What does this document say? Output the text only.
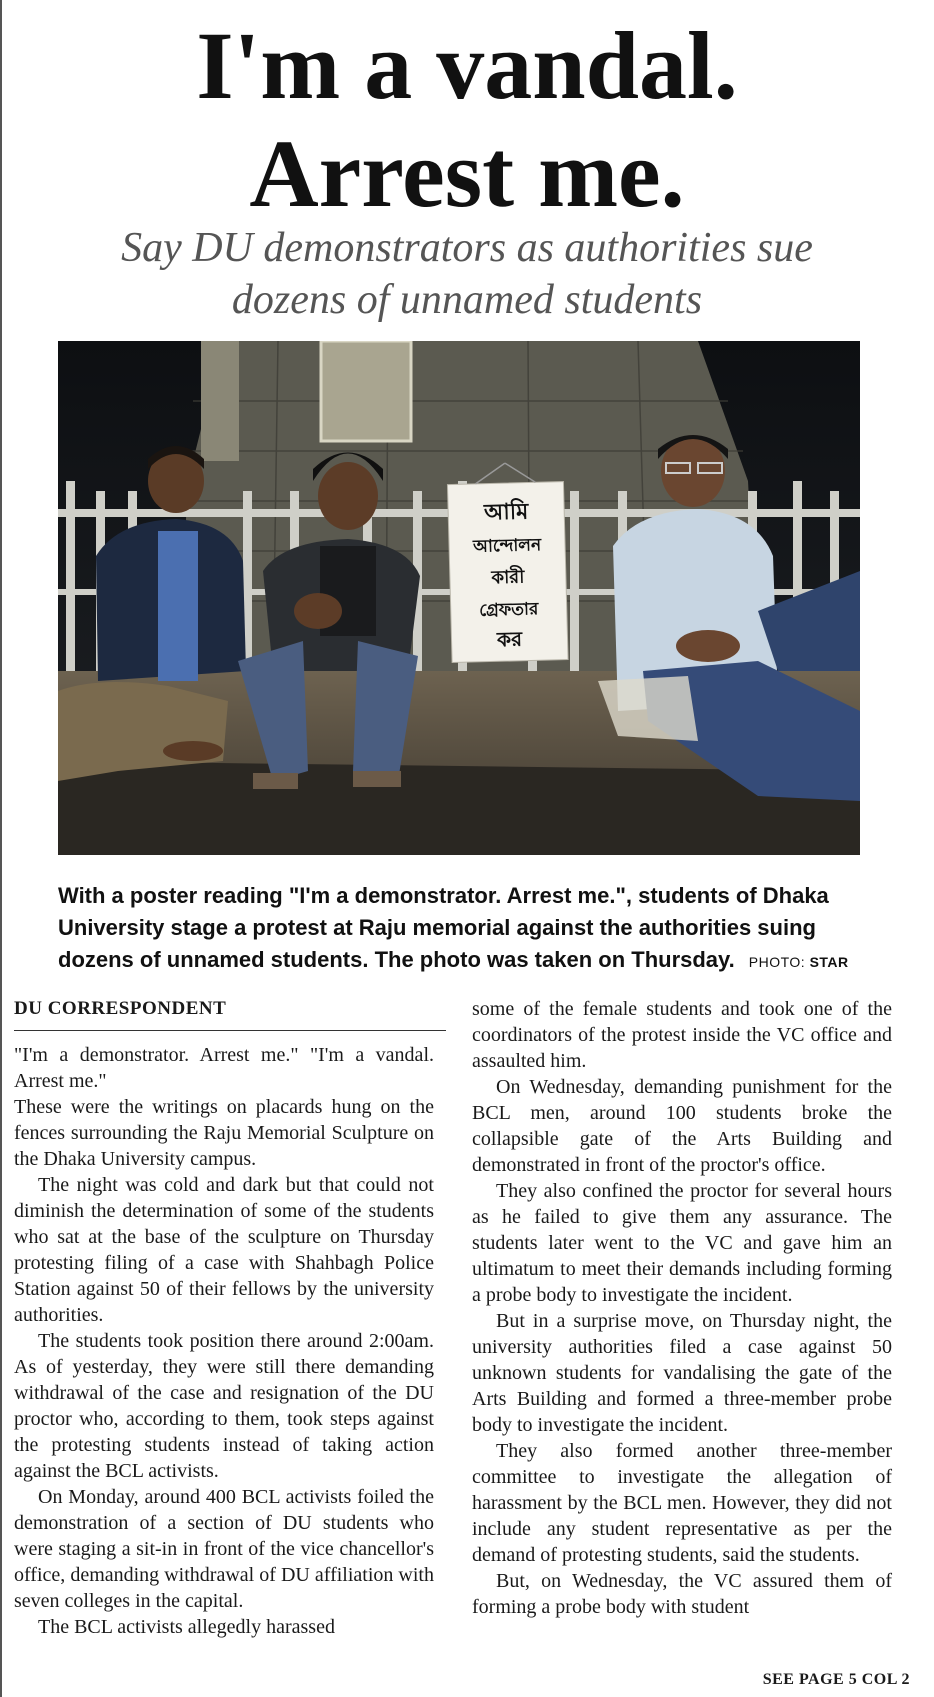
I'm a vandal.
Arrest me.
Say DU demonstrators as authorities sue
dozens of unnamed students
আমি
আন্দোলন
কারী
গ্রেফতার
কর
With a poster reading "I'm a demonstrator. Arrest me.", students of Dhaka University stage a protest at Raju memorial against the authorities suing dozens of unnamed students. The photo was taken on Thursday. PHOTO: STAR
DU CORRESPONDENT

"I'm a demonstrator. Arrest me." "I'm a vandal. Arrest me."

These were the writings on placards hung on the fences surrounding the Raju Memorial Sculpture on the Dhaka University campus.

The night was cold and dark but that could not diminish the determination of some of the students who sat at the base of the sculpture on Thursday protesting filing of a case with Shahbagh Police Station against 50 of their fellows by the university authorities.

The students took position there around 2:00am. As of yesterday, they were still there demanding withdrawal of the case and resignation of the DU proctor who, according to them, took steps against the protesting students instead of taking action against the BCL activists.

On Monday, around 400 BCL activists foiled the demonstration of a section of DU students who were staging a sit-in in front of the vice chancellor's office, demanding withdrawal of DU affiliation with seven colleges in the capital.

The BCL activists allegedly harassed

some of the female students and took one of the coordinators of the protest inside the VC office and assaulted him.

On Wednesday, demanding punishment for the BCL men, around 100 students broke the collapsible gate of the Arts Building and demonstrated in front of the proctor's office.

They also confined the proctor for several hours as he failed to give them any assurance. The students later went to the VC and gave him an ultimatum to meet their demands including forming a probe body to investigate the incident.

But in a surprise move, on Thursday night, the university authorities filed a case against 50 unknown students for vandalising the gate of the Arts Building and formed a three-member probe body to investigate the incident.

They also formed another three-member committee to investigate the allegation of harassment by the BCL men. However, they did not include any student representative as per the demand of protesting students, said the students.

But, on Wednesday, the VC assured them of forming a probe body with student

SEE PAGE 5 COL 2
